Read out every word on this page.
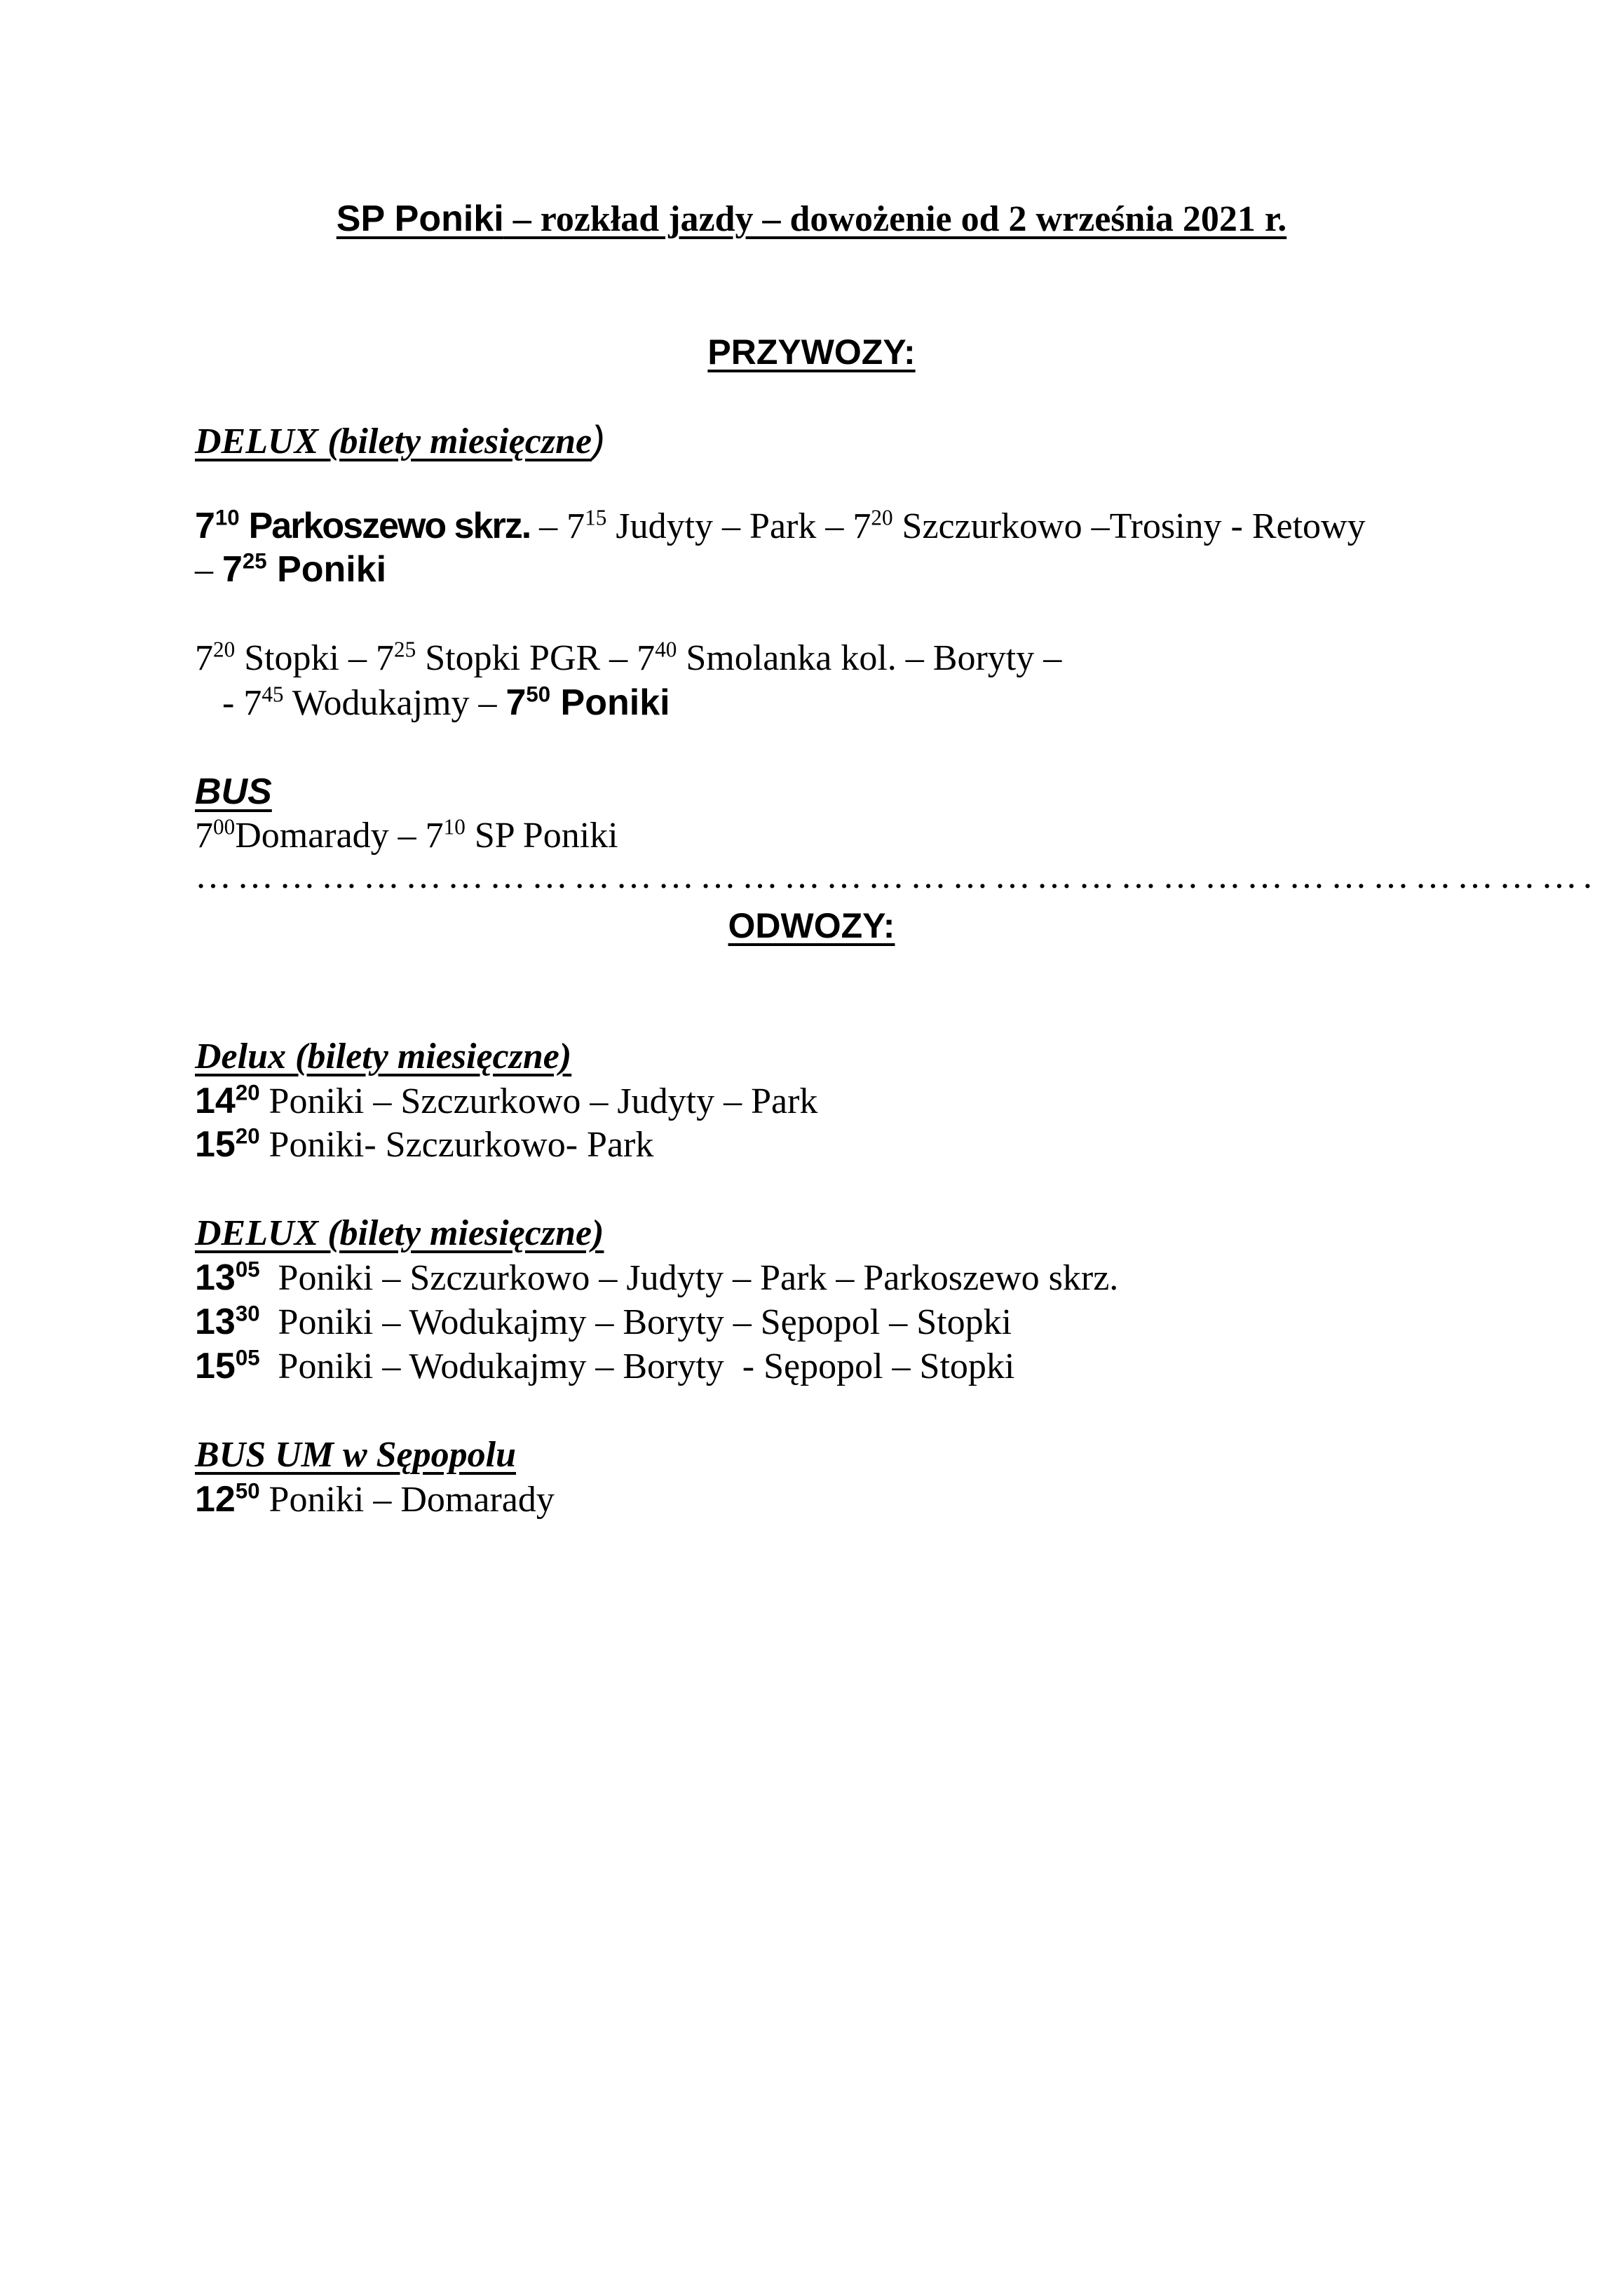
SP Poniki – rozkład jazdy – dowożenie od 2 września 2021 r.
PRZYWOZY:
DELUX (bilety miesięczne)
$7^{10}$ Parkoszewo skrz. – $7^{15}$ Judyty – Park – $7^{20}$ Szczurkowo –Trosiny - Retowy
– $7^{25}$ Poniki
$7^{20}$ Stopki – $7^{25}$ Stopki PGR – $7^{40}$ Smolanka kol. – Boryty –
- $7^{45}$ Wodukajmy – $7^{50}$ Poniki
BUS
$7^{00}Domarady - 7^{10}$ SP Poniki
……………………………………………………………………………………….
ODWOZY:
Delux (bilety miesięczne)
$14^{20}$ Poniki – Szczurkowo – Judyty – Park
$15^{20}$ Poniki- Szczurkowo- Park
DELUX (bilety miesięczne)
$13^{05}$  Poniki – Szczurkowo – Judyty – Park – Parkoszewo skrz.
$13^{30}$  Poniki – Wodukajmy – Boryty – Sępopol – Stopki
$15^{05}$  Poniki – Wodukajmy – Boryty  - Sępopol – Stopki
BUS UM w Sępopolu
$12^{50}$ Poniki – Domarady
